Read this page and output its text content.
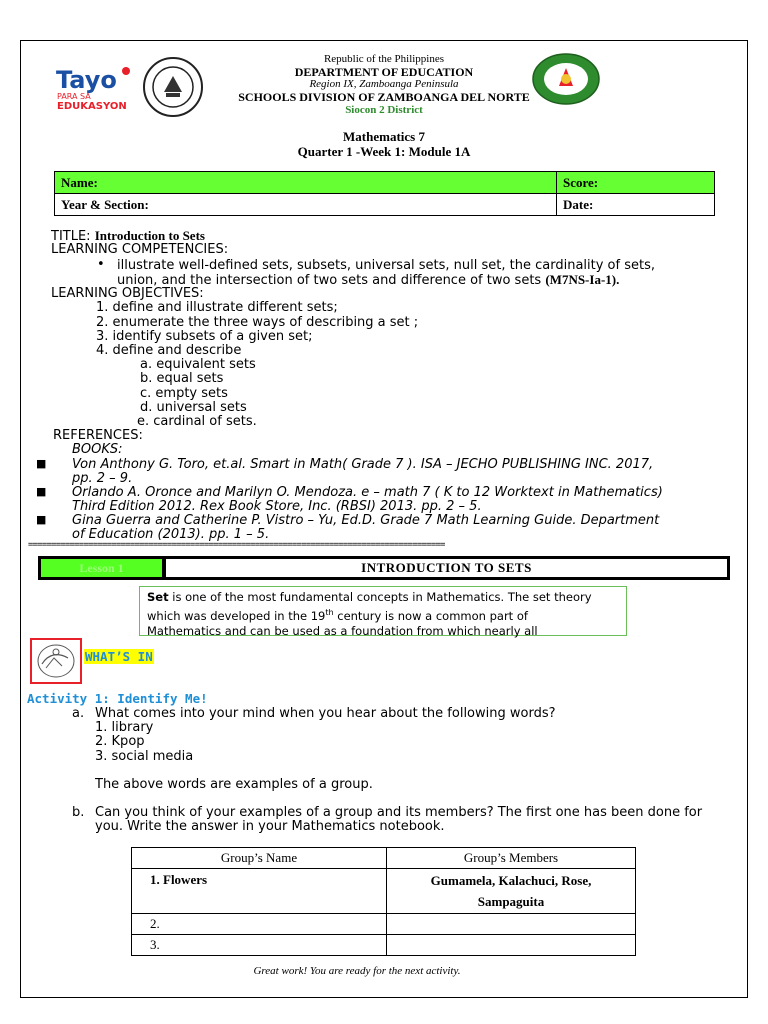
Tayo
PARA SA
EDUKASYON
Republic of the Philippines
DEPARTMENT OF EDUCATION
Region IX, Zamboanga Peninsula
SCHOOLS DIVISION OF ZAMBOANGA DEL NORTE
Siocon 2 District
Mathematics 7
Quarter 1 -Week 1: Module 1A
Name:	Score:
Year & Section:	Date:
TITLE: Introduction to Sets
LEARNING COMPETENCIES:
• illustrate well-defined sets, subsets, universal sets, null set, the cardinality of sets,
union, and the intersection of two sets and difference of two sets (M7NS-Ia-1).
LEARNING OBJECTIVES:
1. define and illustrate different sets;
2. enumerate the three ways of describing a set ;
3. identify subsets of a given set;
4. define and describe
a. equivalent sets
b. equal sets
c. empty sets
d. universal sets
e. cardinal of sets.
REFERENCES:
BOOKS:
■ Von Anthony G. Toro, et.al. Smart in Math( Grade 7 ). ISA – JECHO PUBLISHING INC. 2017,
pp. 2 – 9.
■ Orlando A. Oronce and Marilyn O. Mendoza. e – math 7 ( K to 12 Worktext in Mathematics)
Third Edition 2012. Rex Book Store, Inc. (RBSI) 2013. pp. 2 – 5.
■ Gina Guerra and Catherine P. Vistro – Yu, Ed.D. Grade 7 Math Learning Guide. Department
of Education (2013). pp. 1 – 5.
==========================================================================================
Lesson 1	INTRODUCTION TO SETS
Set is one of the most fundamental concepts in Mathematics. The set theory
which was developed in the 19th century is now a common part of
Mathematics and can be used as a foundation from which nearly all
WHAT’S IN
Activity 1: Identify Me!
a. What comes into your mind when you hear about the following words?
1. library
2. Kpop
3. social media
The above words are examples of a group.
b. Can you think of your examples of a group and its members? The first one has been done for
you. Write the answer in your Mathematics notebook.
Group’s Name	Group’s Members
1. Flowers	Gumamela, Kalachuci, Rose,
Sampaguita

2.	
3.	
Great work! You are ready for the next activity.
